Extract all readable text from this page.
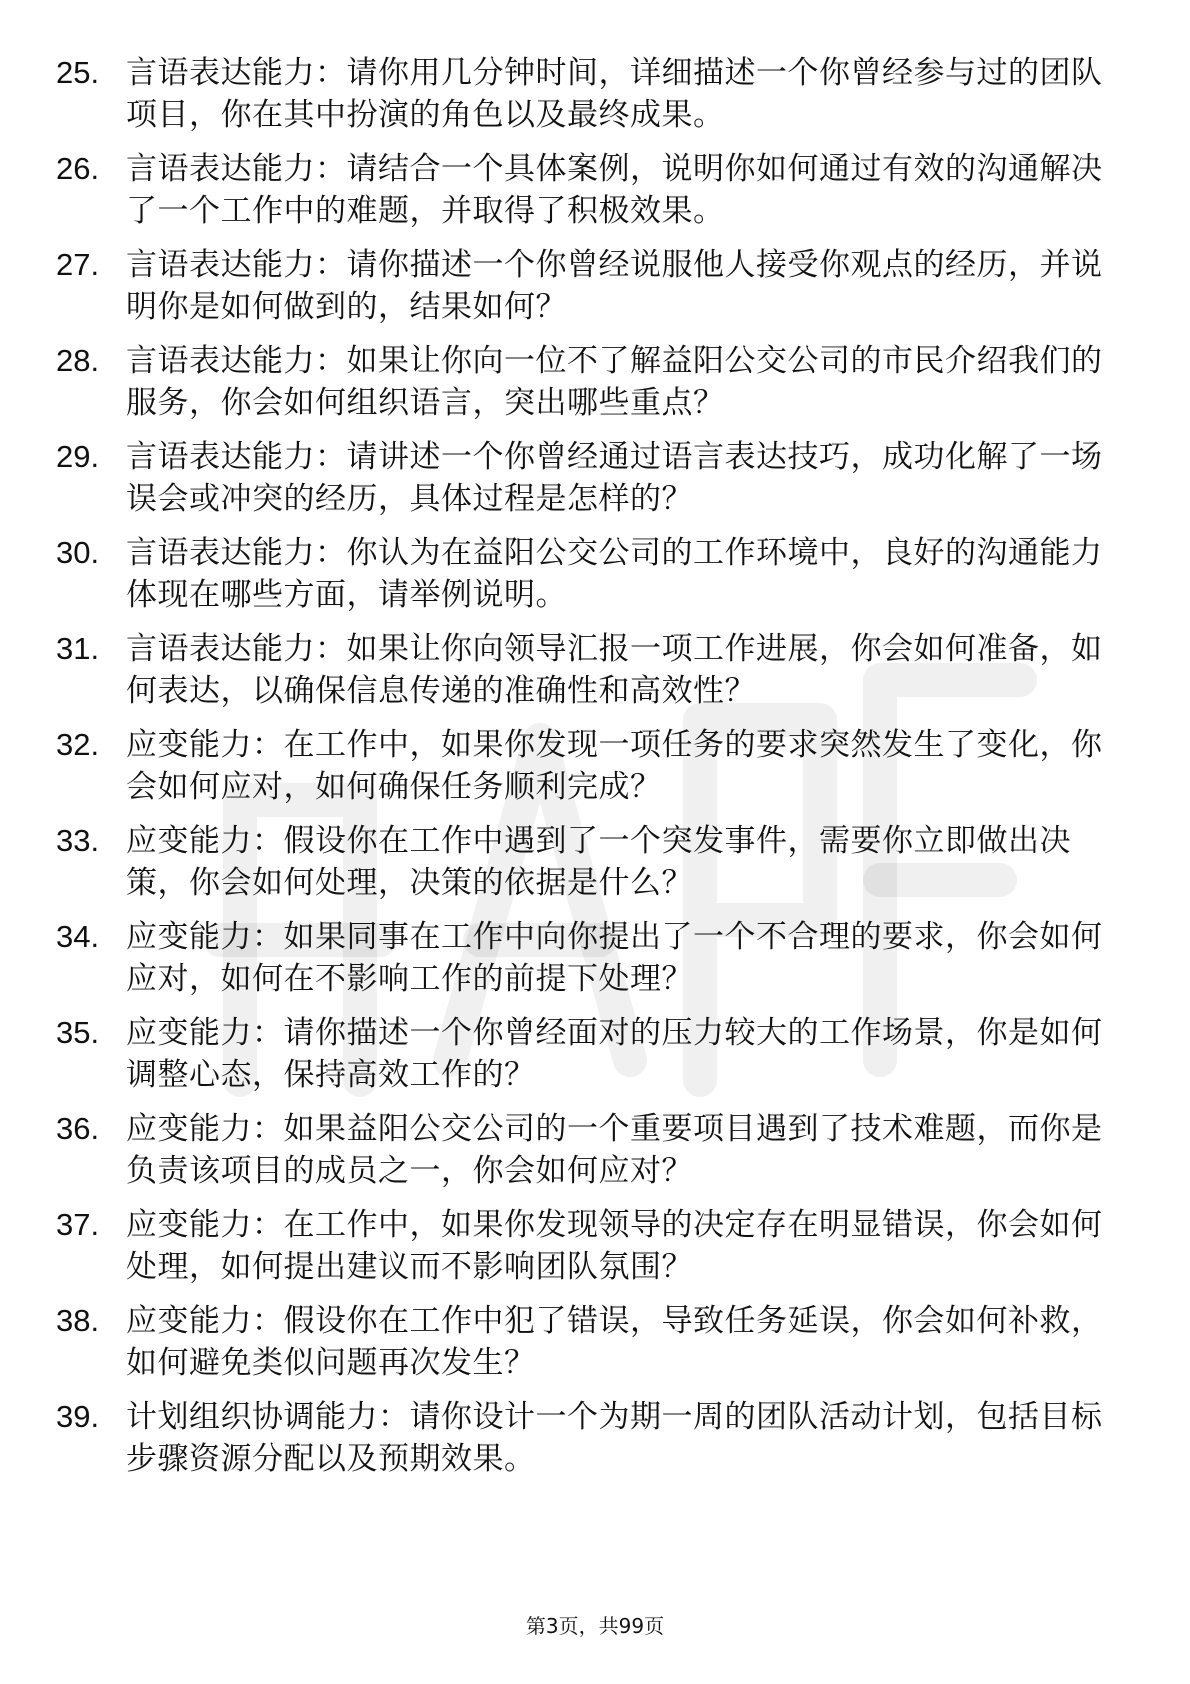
25. 言语表达能力：请你用几分钟时间，详细描述一个你曾经参与过的团队项目，你在其中扮演的角色以及最终成果。
26. 言语表达能力：请结合一个具体案例，说明你如何通过有效的沟通解决了一个工作中的难题，并取得了积极效果。
27. 言语表达能力：请你描述一个你曾经说服他人接受你观点的经历，并说明你是如何做到的，结果如何？
28. 言语表达能力：如果让你向一位不了解益阳公交公司的市民介绍我们的服务，你会如何组织语言，突出哪些重点？
29. 言语表达能力：请讲述一个你曾经通过语言表达技巧，成功化解了一场误会或冲突的经历，具体过程是怎样的？
30. 言语表达能力：你认为在益阳公交公司的工作环境中，良好的沟通能力体现在哪些方面，请举例说明。
31. 言语表达能力：如果让你向领导汇报一项工作进展，你会如何准备，如何表达，以确保信息传递的准确性和高效性？
32. 应变能力：在工作中，如果你发现一项任务的要求突然发生了变化，你会如何应对，如何确保任务顺利完成？
33. 应变能力：假设你在工作中遇到了一个突发事件，需要你立即做出决策，你会如何处理，决策的依据是什么？
34. 应变能力：如果同事在工作中向你提出了一个不合理的要求，你会如何应对，如何在不影响工作的前提下处理？
35. 应变能力：请你描述一个你曾经面对的压力较大的工作场景，你是如何调整心态，保持高效工作的？
36. 应变能力：如果益阳公交公司的一个重要项目遇到了技术难题，而你是负责该项目的成员之一，你会如何应对？
37. 应变能力：在工作中，如果你发现领导的决定存在明显错误，你会如何处理，如何提出建议而不影响团队氛围？
38. 应变能力：假设你在工作中犯了错误，导致任务延误，你会如何补救，如何避免类似问题再次发生？
39. 计划组织协调能力：请你设计一个为期一周的团队活动计划，包括目标步骤资源分配以及预期效果。
第3页，共99页
